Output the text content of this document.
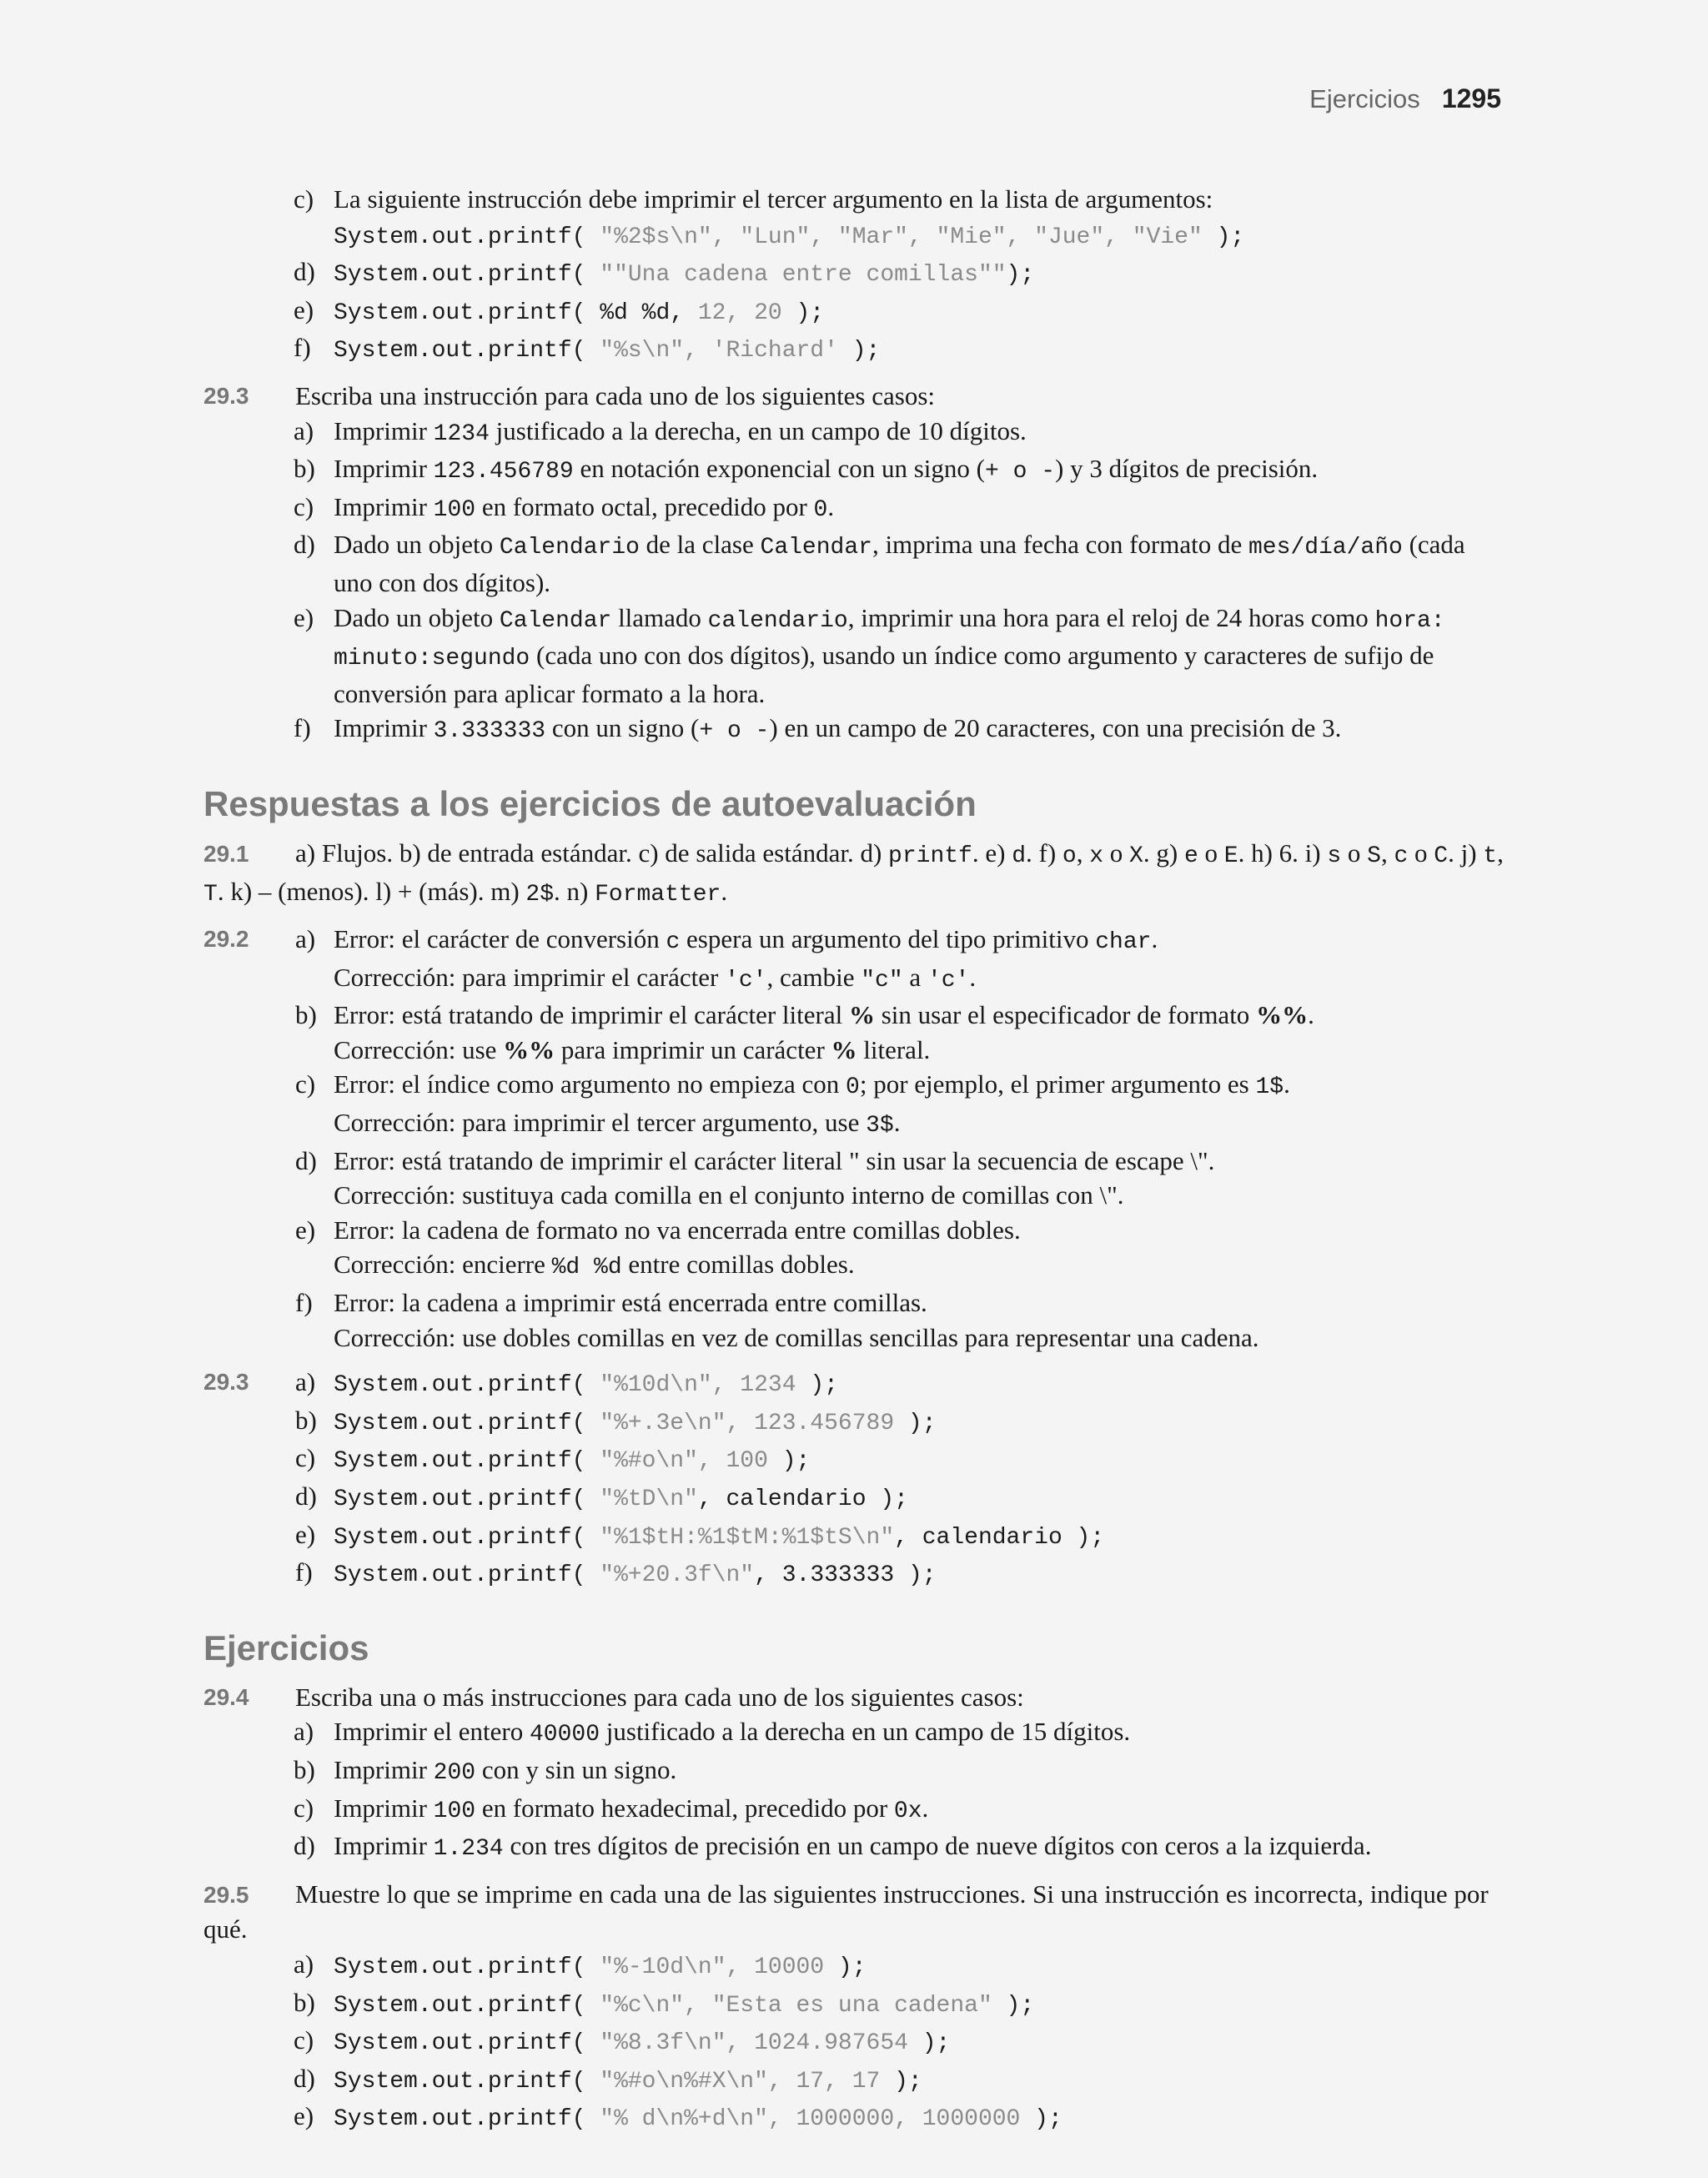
Ejercicios 1295
c) La siguiente instrucción debe imprimir el tercer argumento en la lista de argumentos:
System.out.printf( "%2$s\n", "Lun", "Mar", "Mie", "Jue", "Vie" );
d) System.out.printf( ""Una cadena entre comillas"");
e) System.out.printf( %d %d, 12, 20 );
f) System.out.printf( "%s\n", 'Richard' );
29.3 Escriba una instrucción para cada uno de los siguientes casos:
a) Imprimir 1234 justificado a la derecha, en un campo de 10 dígitos.
b) Imprimir 123.456789 en notación exponencial con un signo (+ o -) y 3 dígitos de precisión.
c) Imprimir 100 en formato octal, precedido por 0.
d) Dado un objeto Calendario de la clase Calendar, imprima una fecha con formato de mes/día/año (cada
uno con dos dígitos).
e) Dado un objeto Calendar llamado calendario, imprimir una hora para el reloj de 24 horas como hora:
minuto:segundo (cada uno con dos dígitos), usando un índice como argumento y caracteres de sufijo de
conversión para aplicar formato a la hora.
f) Imprimir 3.333333 con un signo (+ o -) en un campo de 20 caracteres, con una precisión de 3.
Respuestas a los ejercicios de autoevaluación
29.1 a) Flujos. b) de entrada estándar. c) de salida estándar. d) printf. e) d. f) o, x o X. g) e o E. h) 6. i) s o S, c o C. j) t, T. k) – (menos). l) + (más). m) 2$. n) Formatter.
29.2 a) Error: el carácter de conversión c espera un argumento del tipo primitivo char.
Corrección: para imprimir el carácter 'c', cambie "c" a 'c'.
b) Error: está tratando de imprimir el carácter literal % sin usar el especificador de formato %%.
Corrección: use %% para imprimir un carácter % literal.
c) Error: el índice como argumento no empieza con 0; por ejemplo, el primer argumento es 1$.
Corrección: para imprimir el tercer argumento, use 3$.
d) Error: está tratando de imprimir el carácter literal " sin usar la secuencia de escape \".
Corrección: sustituya cada comilla en el conjunto interno de comillas con \".
e) Error: la cadena de formato no va encerrada entre comillas dobles.
Corrección: encierre %d %d entre comillas dobles.
f) Error: la cadena a imprimir está encerrada entre comillas.
Corrección: use dobles comillas en vez de comillas sencillas para representar una cadena.
29.3 a) System.out.printf( "%10d\n", 1234 );
b) System.out.printf( "%+.3e\n", 123.456789 );
c) System.out.printf( "%#o\n", 100 );
d) System.out.printf( "%tD\n", calendario );
e) System.out.printf( "%1$tH:%1$tM:%1$tS\n", calendario );
f) System.out.printf( "%+20.3f\n", 3.333333 );
Ejercicios
29.4 Escriba una o más instrucciones para cada uno de los siguientes casos:
a) Imprimir el entero 40000 justificado a la derecha en un campo de 15 dígitos.
b) Imprimir 200 con y sin un signo.
c) Imprimir 100 en formato hexadecimal, precedido por 0x.
d) Imprimir 1.234 con tres dígitos de precisión en un campo de nueve dígitos con ceros a la izquierda.
29.5 Muestre lo que se imprime en cada una de las siguientes instrucciones. Si una instrucción es incorrecta, indique por qué.
a) System.out.printf( "%-10d\n", 10000 );
b) System.out.printf( "%c\n", "Esta es una cadena" );
c) System.out.printf( "%8.3f\n", 1024.987654 );
d) System.out.printf( "%#o\n%#X\n", 17, 17 );
e) System.out.printf( "% d\n%+d\n", 1000000, 1000000 );
